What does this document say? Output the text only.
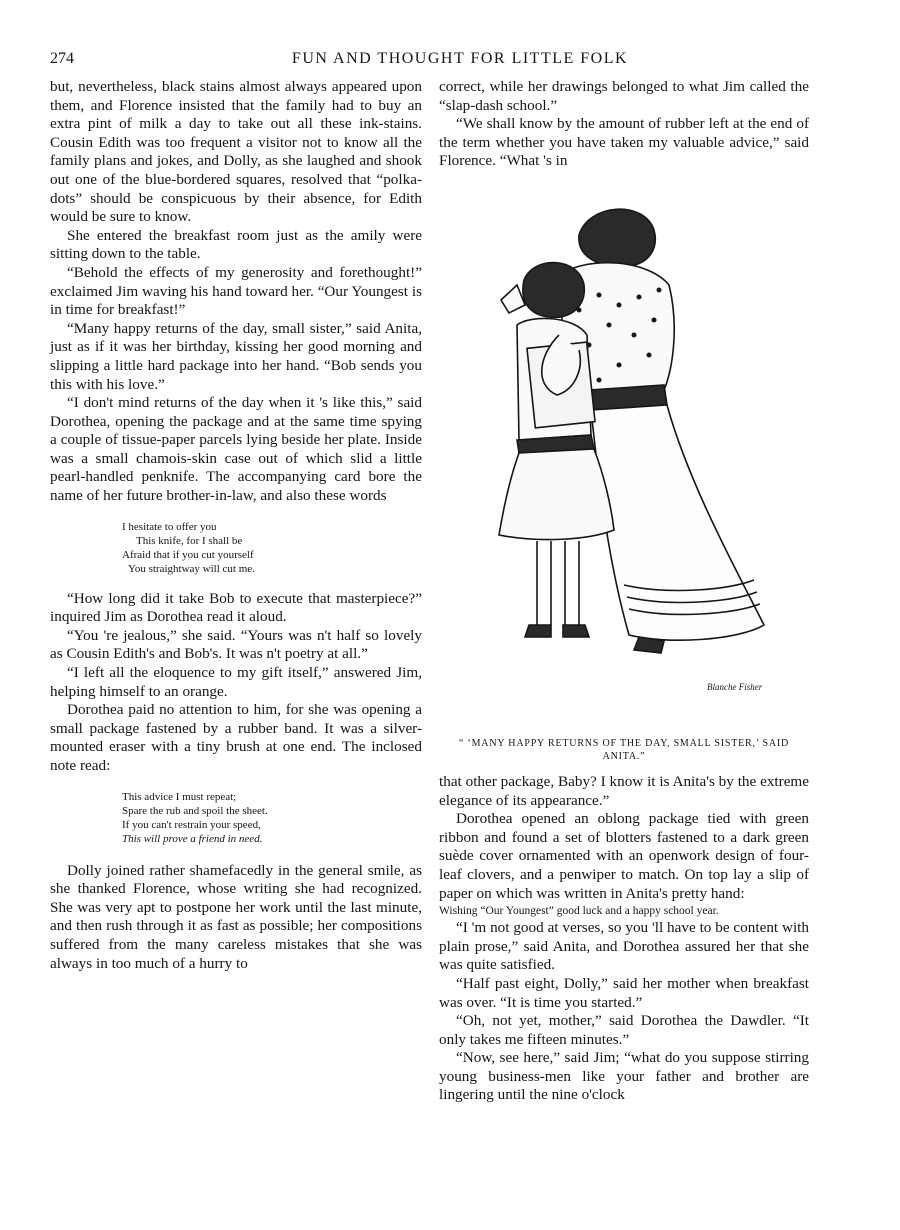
274	FUN AND THOUGHT FOR LITTLE FOLK

but, nevertheless, black stains almost always appeared upon them, and Florence insisted that the family had to buy an extra pint of milk a day to take out all these ink-stains. Cousin Edith was too frequent a visitor not to know all the family plans and jokes, and Dolly, as she laughed and shook out one of the blue-bordered squares, resolved that “polka-dots” should be conspicuous by their absence, for Edith would be sure to know.

She entered the breakfast room just as the amily were sitting down to the table.

“Behold the effects of my generosity and forethought!” exclaimed Jim waving his hand toward her. “Our Youngest is in time for breakfast!”

“Many happy returns of the day, small sister,” said Anita, just as if it was her birthday, kissing her good morning and slipping a little hard package into her hand. “Bob sends you this with his love.”

“I don't mind returns of the day when it 's like this,” said Dorothea, opening the package and at the same time spying a couple of tissue-paper parcels lying beside her plate. Inside was a small chamois-skin case out of which slid a little pearl-handled penknife. The accompanying card bore the name of her future brother-in-law, and also these words

I hesitate to offer you
This knife, for I shall be
Afraid that if you cut yourself
You straightway will cut me.

“How long did it take Bob to execute that masterpiece?” inquired Jim as Dorothea read it aloud.

“You 're jealous,” she said. “Yours was n't half so lovely as Cousin Edith's and Bob's. It was n't poetry at all.”

“I left all the eloquence to my gift itself,” answered Jim, helping himself to an orange.

Dorothea paid no attention to him, for she was opening a small package fastened by a rubber band. It was a silver-mounted eraser with a tiny brush at one end. The inclosed note read:

This advice I must repeat;
Spare the rub and spoil the sheet.
If you can't restrain your speed,
This will prove a friend in need.

Dolly joined rather shamefacedly in the general smile, as she thanked Florence, whose writing she had recognized. She was very apt to postpone her work until the last minute, and then rush through it as fast as possible; her compositions suffered from the many careless mistakes that she was always in too much of a hurry to

correct, while her drawings belonged to what Jim called the “slap-dash school.”

“We shall know by the amount of rubber left at the end of the term whether you have taken my valuable advice,” said Florence. “What 's in

Blanche Fisher
“ ‘MANY HAPPY RETURNS OF THE DAY, SMALL SISTER,’ SAID ANITA.”

that other package, Baby? I know it is Anita's by the extreme elegance of its appearance.”

Dorothea opened an oblong package tied with green ribbon and found a set of blotters fastened to a dark green suède cover ornamented with an openwork design of four-leaf clovers, and a penwiper to match. On top lay a slip of paper on which was written in Anita's pretty hand:

Wishing “Our Youngest” good luck and a happy school year.

“I 'm not good at verses, so you 'll have to be content with plain prose,” said Anita, and Dorothea assured her that she was quite satisfied.

“Half past eight, Dolly,” said her mother when breakfast was over. “It is time you started.”

“Oh, not yet, mother,” said Dorothea the Dawdler. “It only takes me fifteen minutes.”

“Now, see here,” said Jim; “what do you suppose stirring young business-men like your father and brother are lingering until the nine o'clock
